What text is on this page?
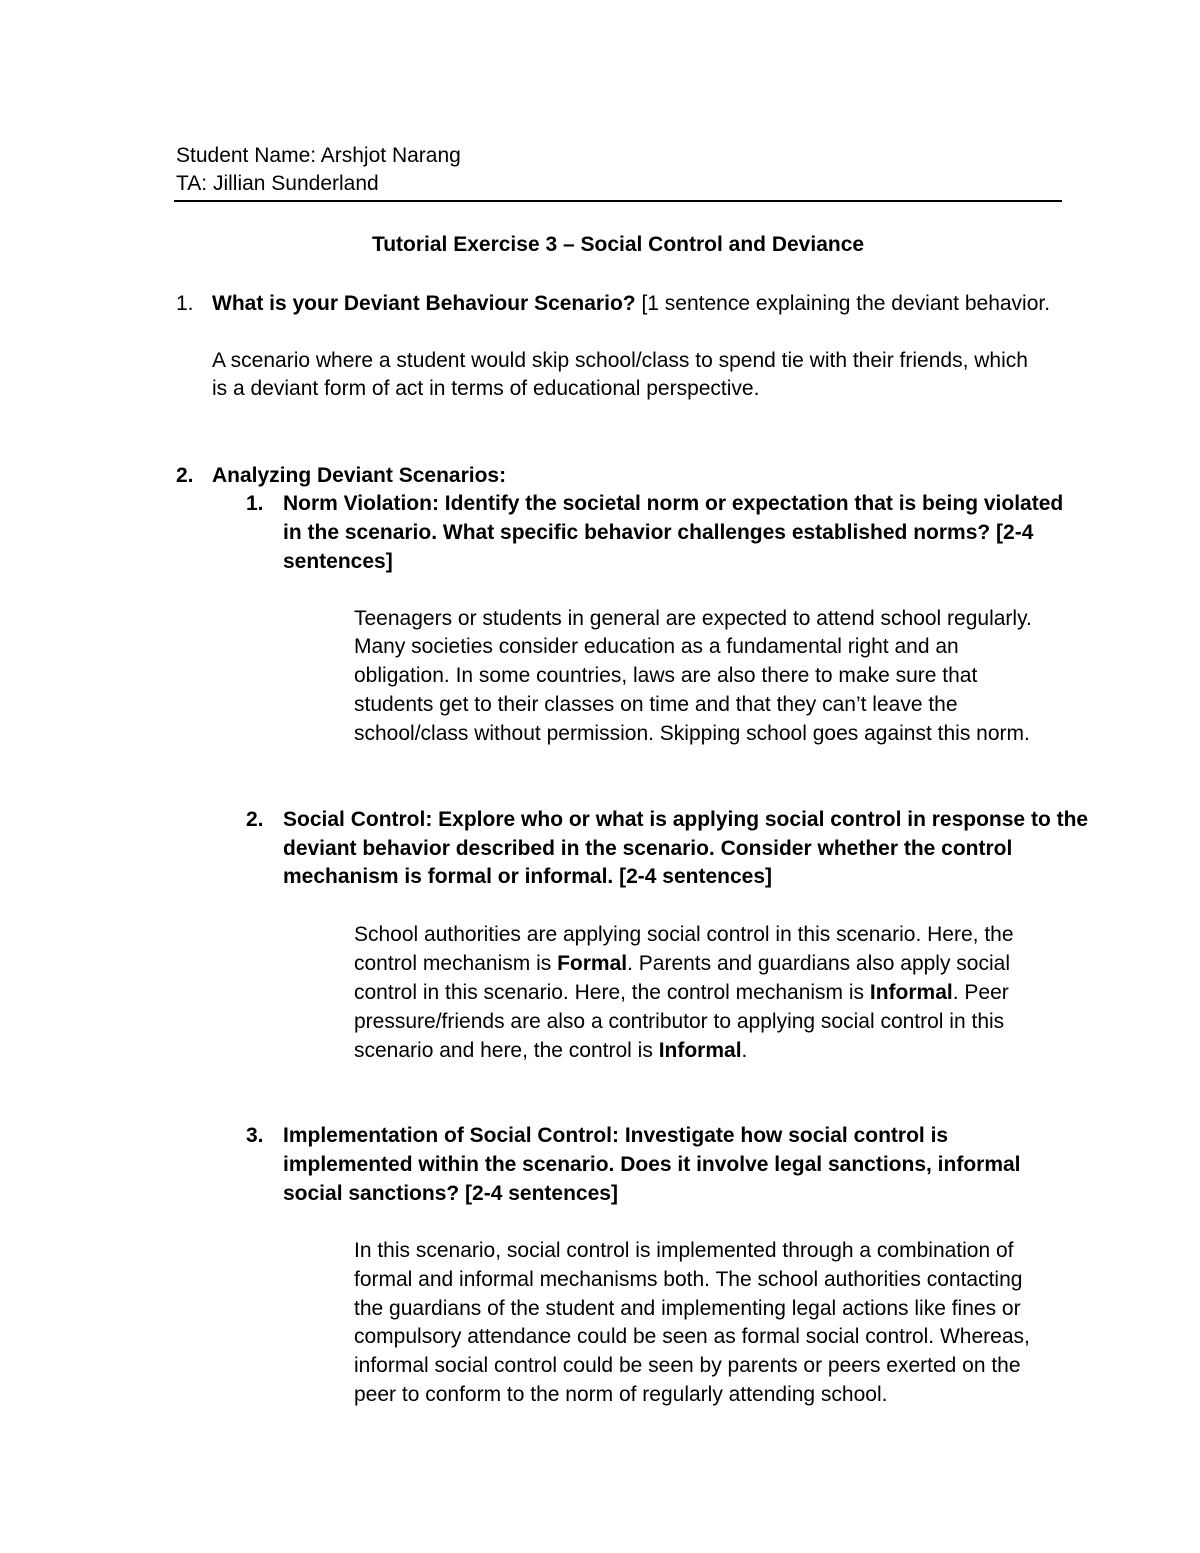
Student Name: Arshjot Narang
TA: Jillian Sunderland
Tutorial Exercise 3 – Social Control and Deviance
1. What is your Deviant Behaviour Scenario? [1 sentence explaining the deviant behavior.
A scenario where a student would skip school/class to spend tie with their friends, which
is a deviant form of act in terms of educational perspective.
2. Analyzing Deviant Scenarios:
1. Norm Violation: Identify the societal norm or expectation that is being violated
in the scenario. What specific behavior challenges established norms? [2-4
sentences]
Teenagers or students in general are expected to attend school regularly.
Many societies consider education as a fundamental right and an
obligation. In some countries, laws are also there to make sure that
students get to their classes on time and that they can’t leave the
school/class without permission. Skipping school goes against this norm.
2. Social Control: Explore who or what is applying social control in response to the
deviant behavior described in the scenario. Consider whether the control
mechanism is formal or informal. [2-4 sentences]
School authorities are applying social control in this scenario. Here, the
control mechanism is Formal. Parents and guardians also apply social
control in this scenario. Here, the control mechanism is Informal. Peer
pressure/friends are also a contributor to applying social control in this
scenario and here, the control is Informal.
3. Implementation of Social Control: Investigate how social control is
implemented within the scenario. Does it involve legal sanctions, informal
social sanctions? [2-4 sentences]
In this scenario, social control is implemented through a combination of
formal and informal mechanisms both. The school authorities contacting
the guardians of the student and implementing legal actions like fines or
compulsory attendance could be seen as formal social control. Whereas,
informal social control could be seen by parents or peers exerted on the
peer to conform to the norm of regularly attending school.
